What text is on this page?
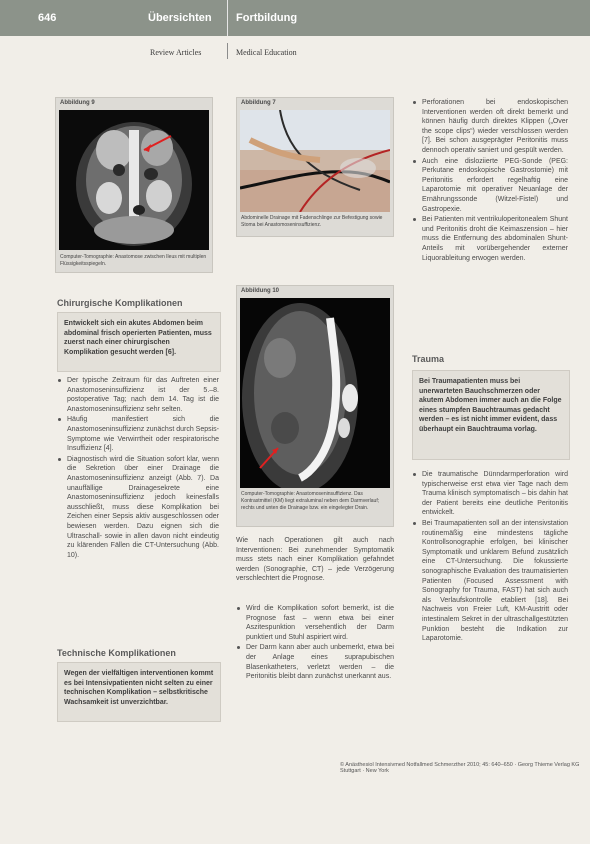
646	Übersichten Fortbildung
Review Articles	Medical Education
Abbildung 9
Computer-Tomographie: Anastomose zwischen Ileus mit multiplen Flüssigkeitsspiegeln.
Abbildung 7
Abdominelle Drainage mit Fadenschlinge zur Befestigung sowie Stoma bei Anastomoseninsuffizienz.
Abbildung 10
Computer-Tomographie: Anastomoseninsuffizienz. Das Kontrastmittel (KM) liegt extraluminal neben dem Darmverlauf; rechts und unten die Drainage bzw. ein eingelegter Drain.
Chirurgische Komplikationen
Entwickelt sich ein akutes Abdomen beim abdominal frisch operierten Patienten, muss zuerst nach einer chirurgischen Komplikation gesucht werden [6].
Der typische Zeitraum für das Auftreten einer Anastomoseninsuffizienz ist der 5.–8. postoperative Tag; nach dem 14. Tag ist die Anastomoseninsuffizienz sehr selten.
Häufig manifestiert sich die Anastomoseninsuffizienz zunächst durch Sepsis-Symptome wie Verwirrtheit oder respiratorische Insuffizienz [4].
Diagnostisch wird die Situation sofort klar, wenn die Sekretion über einer Drainage die Anastomoseninsuffizienz anzeigt (Abb. 7). Da unauffällige Drainagesekrete eine Anastomoseninsuffizienz jedoch keinesfalls ausschließt, muss diese Komplikation bei Zeichen einer Sepsis aktiv ausgeschlossen oder bewiesen werden. Dazu eignen sich die Ultraschall- sowie in allen davon nicht eindeutig zu klärenden Fällen die CT-Untersuchung (Abb. 10).
Technische Komplikationen
Wegen der vielfältigen interventionen kommt es bei Intensivpatienten nicht selten zu einer technischen Komplikation – selbstkritische Wachsamkeit ist unverzichtbar.

Wie nach Operationen gilt auch nach Interventionen: Bei zunehmender Symptomatik muss stets nach einer Komplikation gefahndet werden (Sonographie, CT) – jede Verzögerung verschlechtert die Prognose.

Wird die Komplikation sofort bemerkt, ist die Prognose fast – wenn etwa bei einer Aszitespunktion versehentlich der Darm punktiert und Stuhl aspiriert wird.
Der Darm kann aber auch unbemerkt, etwa bei der Anlage eines suprapubischen Blasenkatheters, verletzt werden – die Peritonitis bleibt dann zunächst unerkannt aus.
Perforationen bei endoskopischen Interventionen werden oft direkt bemerkt und können häufig durch direktes Klippen („Over the scope clips“) wieder verschlossen werden [7]. Bei schon ausgeprägter Peritonitis muss dennoch operativ saniert und gespült werden.
Auch eine disloziierte PEG-Sonde (PEG: Perkutane endoskopische Gastrostomie) mit Peritonitis erfordert regelhaftig eine Laparotomie mit operativer Neuanlage der Ernährungssonde (Witzel-Fistel) und Gastropexie.
Bei Patienten mit ventrikuloperitonealem Shunt und Peritonitis droht die Keimaszension – hier muss die Entfernung des abdominalen Shunt-Anteils mit vorübergehender externer Liquorableitung erwogen werden.
Trauma
Bei Traumapatienten muss bei unerwarteten Bauchschmerzen oder akutem Abdomen immer auch an die Folge eines stumpfen Bauchtraumas gedacht werden – es ist nicht immer evident, dass überhaupt ein Bauchtrauma vorlag.
Die traumatische Dünndarmperforation wird typischerweise erst etwa vier Tage nach dem Trauma klinisch symptomatisch – bis dahin hat der Patient bereits eine deutliche Peritonitis entwickelt.
Bei Traumapatienten soll an der intensivstation routinemäßig eine mindestens tägliche Kontrollsonographie erfolgen, bei klinischer Symptomatik und unklarem Befund zusätzlich eine CT-Untersuchung. Die fokussierte sonographische Evaluation des traumatisierten Patienten (Focused Assessment with Sonography for Trauma, FAST) hat sich auch als Verlaufskontrolle etabliert [18]. Bei Nachweis von Freier Luft, KM-Austritt oder intestinalem Sekret in der ultraschallgestützten Punktion besteht die Indikation zur Laparotomie.
© Anästhesiol Intensivmed Notfallmed Schmerzther 2010; 45: 640–650 · Georg Thieme Verlag KG Stuttgart · New York
